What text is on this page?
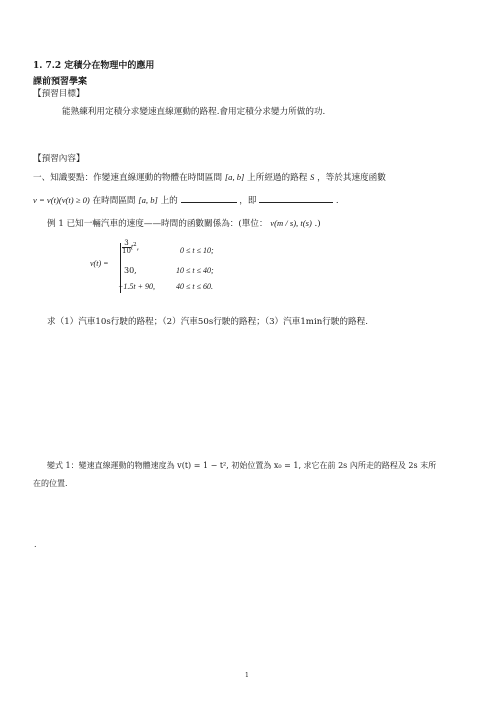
1. 7.2 定積分在物理中的應用
課前預習學案
【預習目標】
能熟練利用定積分求變速直線運動的路程.會用定積分求變力所做的功.
【預習內容】
一、知識要點：作變速直線運動的物體在時間區間 [a, b] 上所經過的路程 S ，等於其速度函數
v = v(t)(v(t) ≥ 0) 在時間區間 [a, b] 上的	，即	.
例 1 已知一輛汽車的速度——時間的函數關係為：(單位： v(m / s), t(s) .)
v(t) =
$\frac{3}{10} t^2$,	0 ≤ t ≤ 10;
30,	10 ≤ t ≤ 40;
−1.5t + 90,	40 ≤ t ≤ 60.
求（1）汽車10s行駛的路程；（2）汽車50s行駛的路程；（3）汽車1min行駛的路程.
變式 1：變速直線運動的物體速度為 v(t) = 1 − t², 初始位置為 x₀ = 1, 求它在前 2s 內所走的路程及 2s 末所
在的位置.
.
1
